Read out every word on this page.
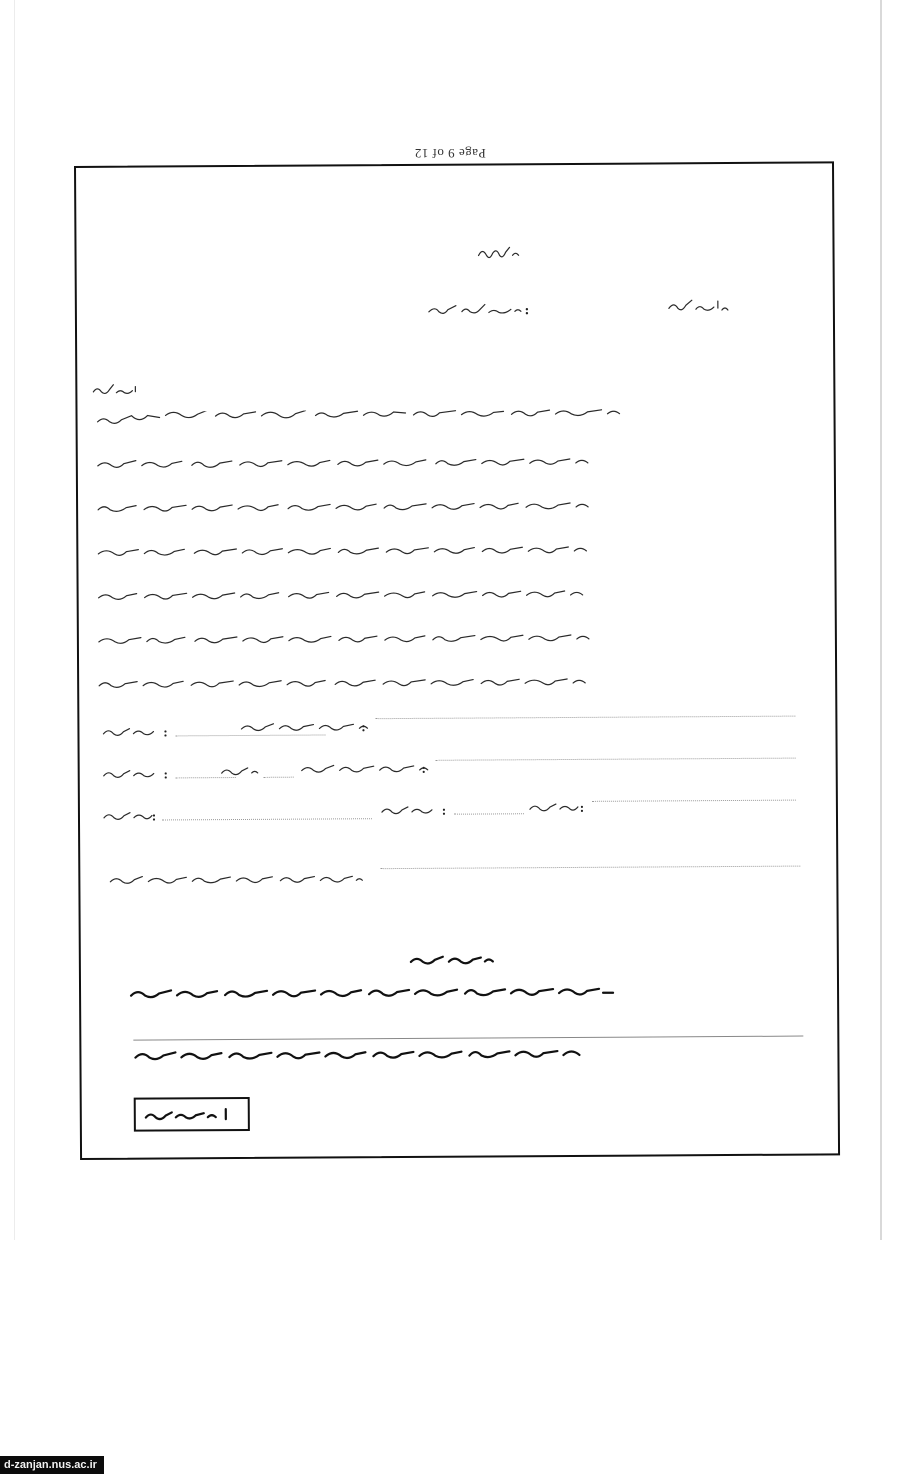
Page 9 of 12
d-zanjan.nus.ac.ir
